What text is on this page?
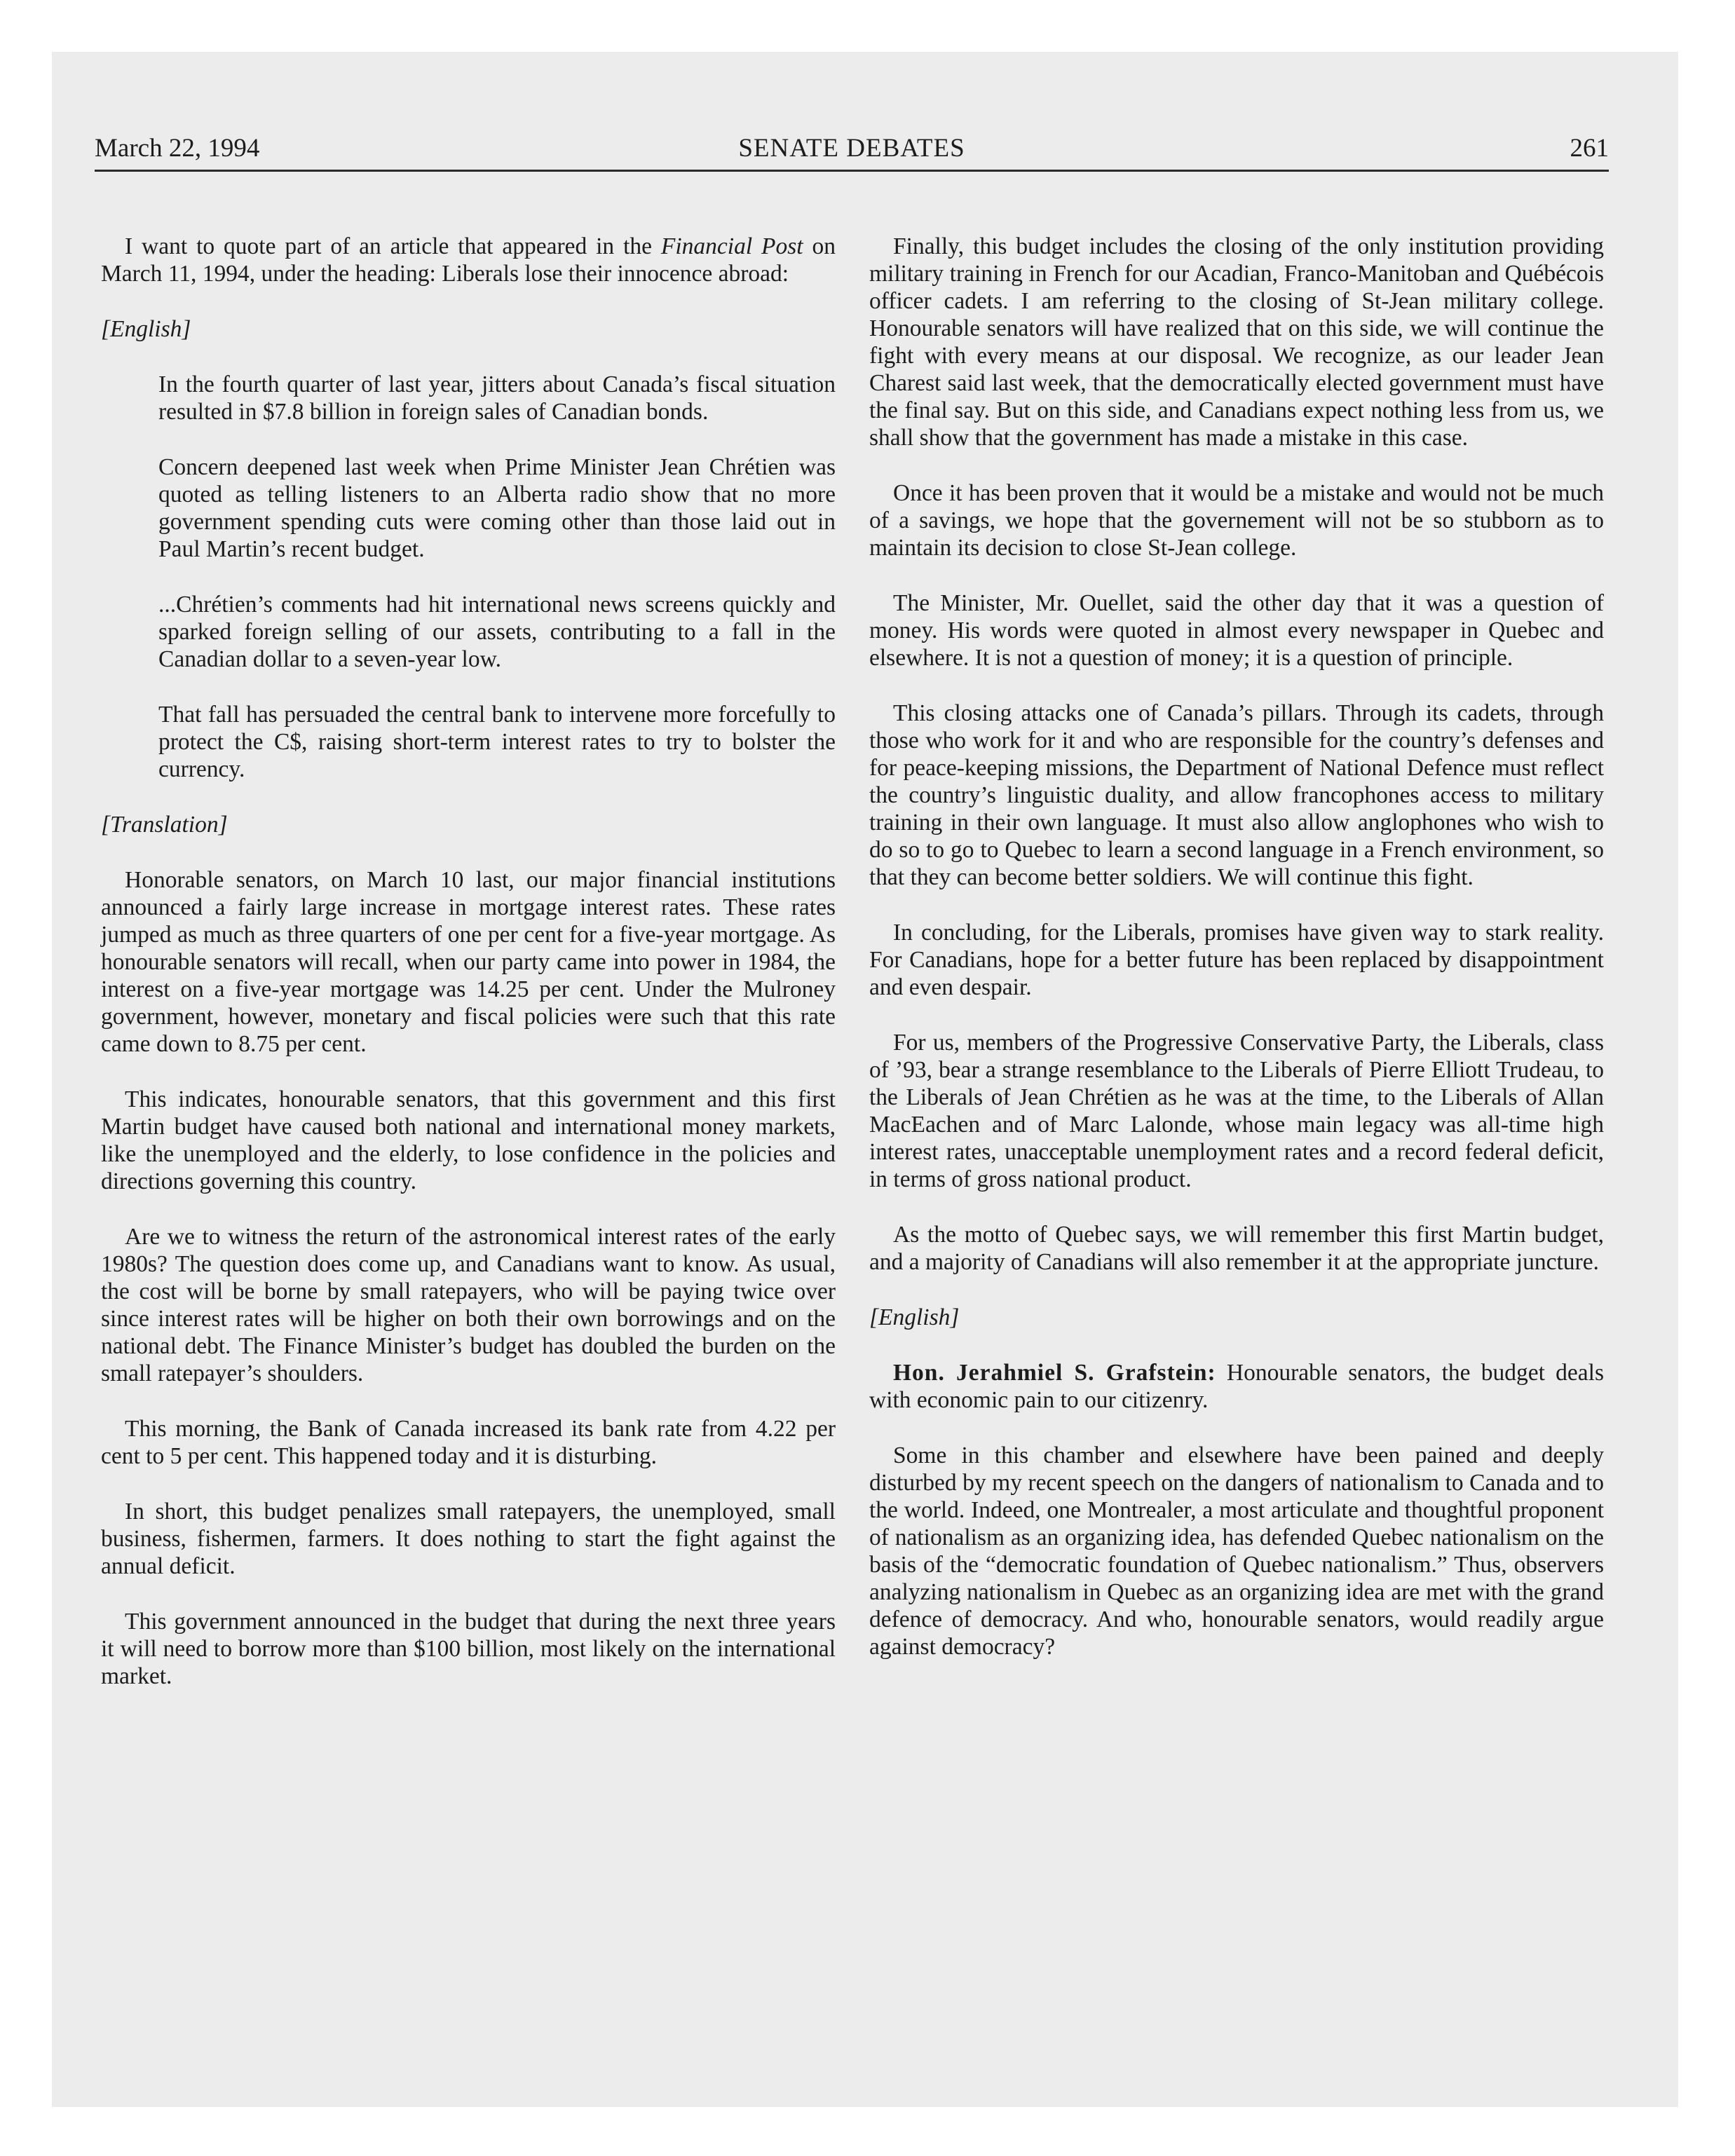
March 22, 1994	SENATE DEBATES	261

I want to quote part of an article that appeared in the Financial Post on March 11, 1994, under the heading: Liberals lose their innocence abroad:

[English]

In the fourth quarter of last year, jitters about Canada’s fiscal situation resulted in $7.8 billion in foreign sales of Canadian bonds.

Concern deepened last week when Prime Minister Jean Chrétien was quoted as telling listeners to an Alberta radio show that no more government spending cuts were coming other than those laid out in Paul Martin’s recent budget.

...Chrétien’s comments had hit international news screens quickly and sparked foreign selling of our assets, contributing to a fall in the Canadian dollar to a seven-year low.

That fall has persuaded the central bank to intervene more forcefully to protect the C$, raising short-term interest rates to try to bolster the currency.

[Translation]

Honorable senators, on March 10 last, our major financial institutions announced a fairly large increase in mortgage interest rates. These rates jumped as much as three quarters of one per cent for a five-year mortgage. As honourable senators will recall, when our party came into power in 1984, the interest on a five-year mortgage was 14.25 per cent. Under the Mulroney government, however, monetary and fiscal policies were such that this rate came down to 8.75 per cent.

This indicates, honourable senators, that this government and this first Martin budget have caused both national and international money markets, like the unemployed and the elderly, to lose confidence in the policies and directions governing this country.

Are we to witness the return of the astronomical interest rates of the early 1980s? The question does come up, and Canadians want to know. As usual, the cost will be borne by small ratepayers, who will be paying twice over since interest rates will be higher on both their own borrowings and on the national debt. The Finance Minister’s budget has doubled the burden on the small ratepayer’s shoulders.

This morning, the Bank of Canada increased its bank rate from 4.22 per cent to 5 per cent. This happened today and it is disturbing.

In short, this budget penalizes small ratepayers, the unemployed, small business, fishermen, farmers. It does nothing to start the fight against the annual deficit.

This government announced in the budget that during the next three years it will need to borrow more than $100 billion, most likely on the international market.

Finally, this budget includes the closing of the only institution providing military training in French for our Acadian, Franco-Manitoban and Québécois officer cadets. I am referring to the closing of St-Jean military college. Honourable senators will have realized that on this side, we will continue the fight with every means at our disposal. We recognize, as our leader Jean Charest said last week, that the democratically elected government must have the final say. But on this side, and Canadians expect nothing less from us, we shall show that the government has made a mistake in this case.

Once it has been proven that it would be a mistake and would not be much of a savings, we hope that the governement will not be so stubborn as to maintain its decision to close St-Jean college.

The Minister, Mr. Ouellet, said the other day that it was a question of money. His words were quoted in almost every newspaper in Quebec and elsewhere. It is not a question of money; it is a question of principle.

This closing attacks one of Canada’s pillars. Through its cadets, through those who work for it and who are responsible for the country’s defenses and for peace-keeping missions, the Department of National Defence must reflect the country’s linguistic duality, and allow francophones access to military training in their own language. It must also allow anglophones who wish to do so to go to Quebec to learn a second language in a French environment, so that they can become better soldiers. We will continue this fight.

In concluding, for the Liberals, promises have given way to stark reality. For Canadians, hope for a better future has been replaced by disappointment and even despair.

For us, members of the Progressive Conservative Party, the Liberals, class of ’93, bear a strange resemblance to the Liberals of Pierre Elliott Trudeau, to the Liberals of Jean Chrétien as he was at the time, to the Liberals of Allan MacEachen and of Marc Lalonde, whose main legacy was all-time high interest rates, unacceptable unemployment rates and a record federal deficit, in terms of gross national product.

As the motto of Quebec says, we will remember this first Martin budget, and a majority of Canadians will also remember it at the appropriate juncture.

[English]

Hon. Jerahmiel S. Grafstein: Honourable senators, the budget deals with economic pain to our citizenry.

Some in this chamber and elsewhere have been pained and deeply disturbed by my recent speech on the dangers of nationalism to Canada and to the world. Indeed, one Montrealer, a most articulate and thoughtful proponent of nationalism as an organizing idea, has defended Quebec nationalism on the basis of the “democratic foundation of Quebec nationalism.” Thus, observers analyzing nationalism in Quebec as an organizing idea are met with the grand defence of democracy. And who, honourable senators, would readily argue against democracy?
